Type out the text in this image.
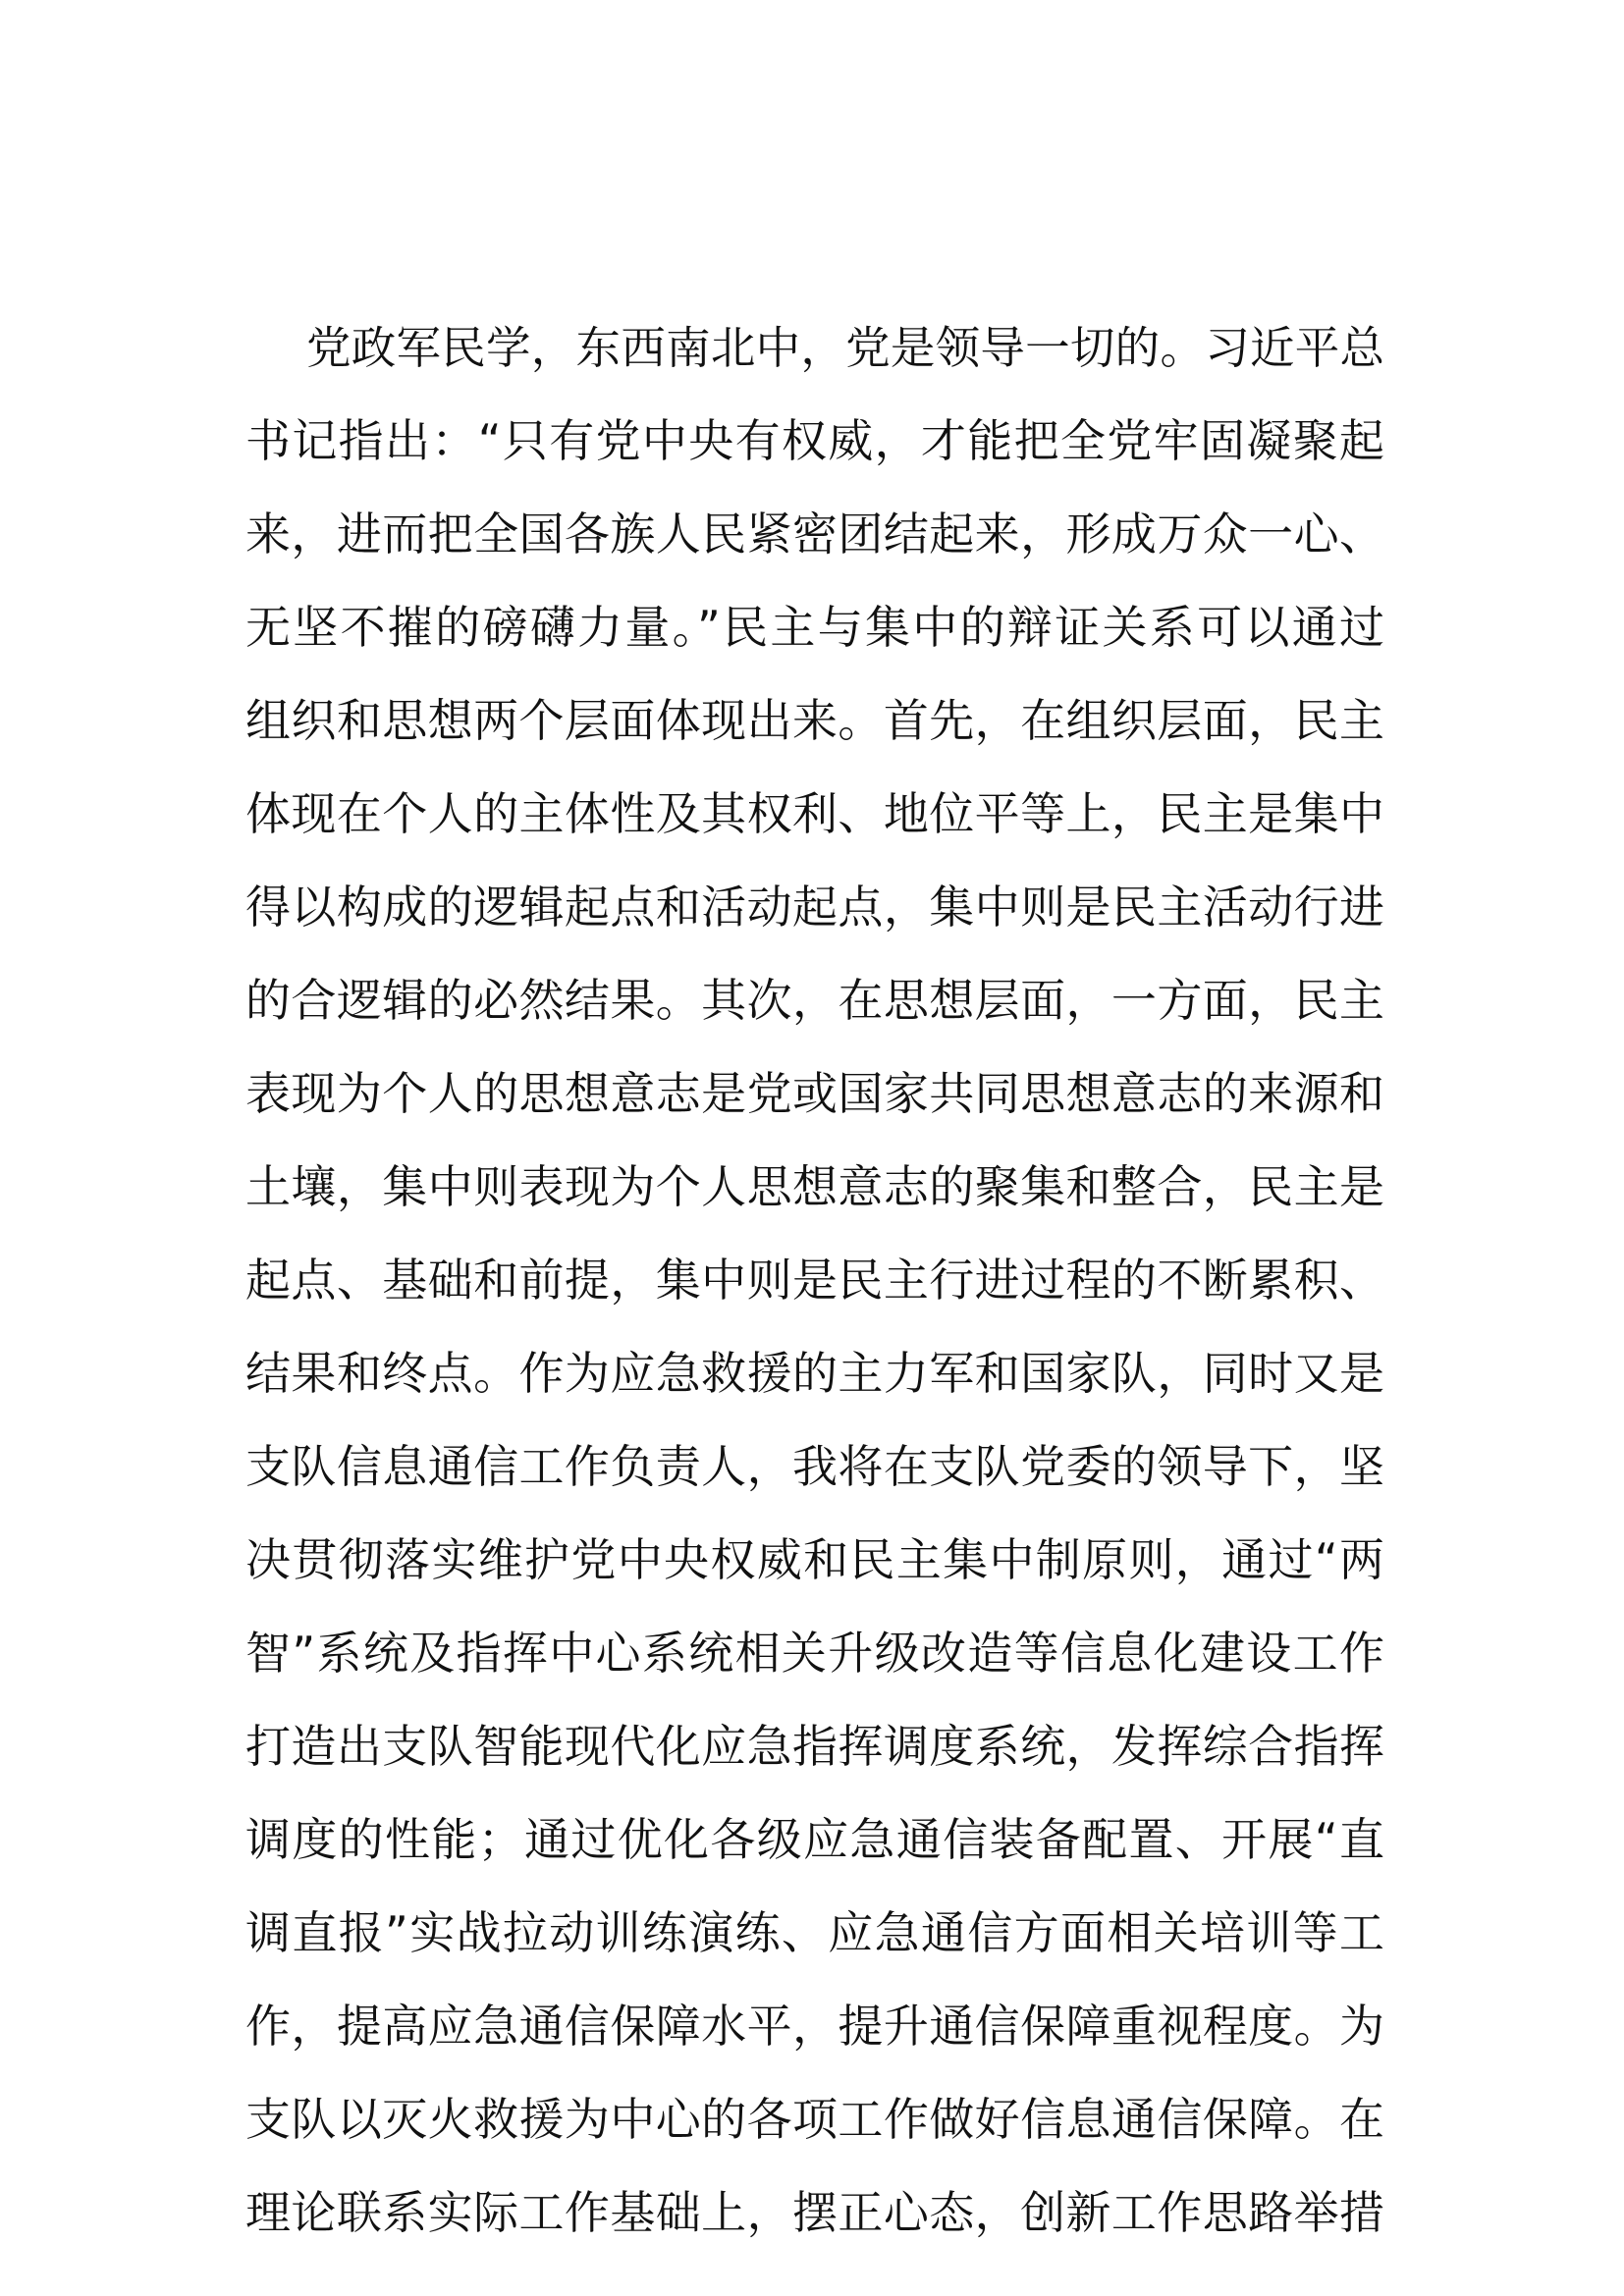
党政军民学，东西南北中，党是领导一切的。习近平总
书记指出：“只有党中央有权威，才能把全党牢固凝聚起
来，进而把全国各族人民紧密团结起来，形成万众一心、
无坚不摧的磅礴力量。”民主与集中的辩证关系可以通过
组织和思想两个层面体现出来。首先，在组织层面，民主
体现在个人的主体性及其权利、地位平等上，民主是集中
得以构成的逻辑起点和活动起点，集中则是民主活动行进
的合逻辑的必然结果。其次，在思想层面，一方面，民主
表现为个人的思想意志是党或国家共同思想意志的来源和
土壤，集中则表现为个人思想意志的聚集和整合，民主是
起点、基础和前提，集中则是民主行进过程的不断累积、
结果和终点。作为应急救援的主力军和国家队，同时又是
支队信息通信工作负责人，我将在支队党委的领导下，坚
决贯彻落实维护党中央权威和民主集中制原则，通过“两
智”系统及指挥中心系统相关升级改造等信息化建设工作
打造出支队智能现代化应急指挥调度系统，发挥综合指挥
调度的性能；通过优化各级应急通信装备配置、开展“直
调直报”实战拉动训练演练、应急通信方面相关培训等工
作，提高应急通信保障水平，提升通信保障重视程度。为
支队以灭火救援为中心的各项工作做好信息通信保障。在
理论联系实际工作基础上，摆正心态，创新工作思路举措
